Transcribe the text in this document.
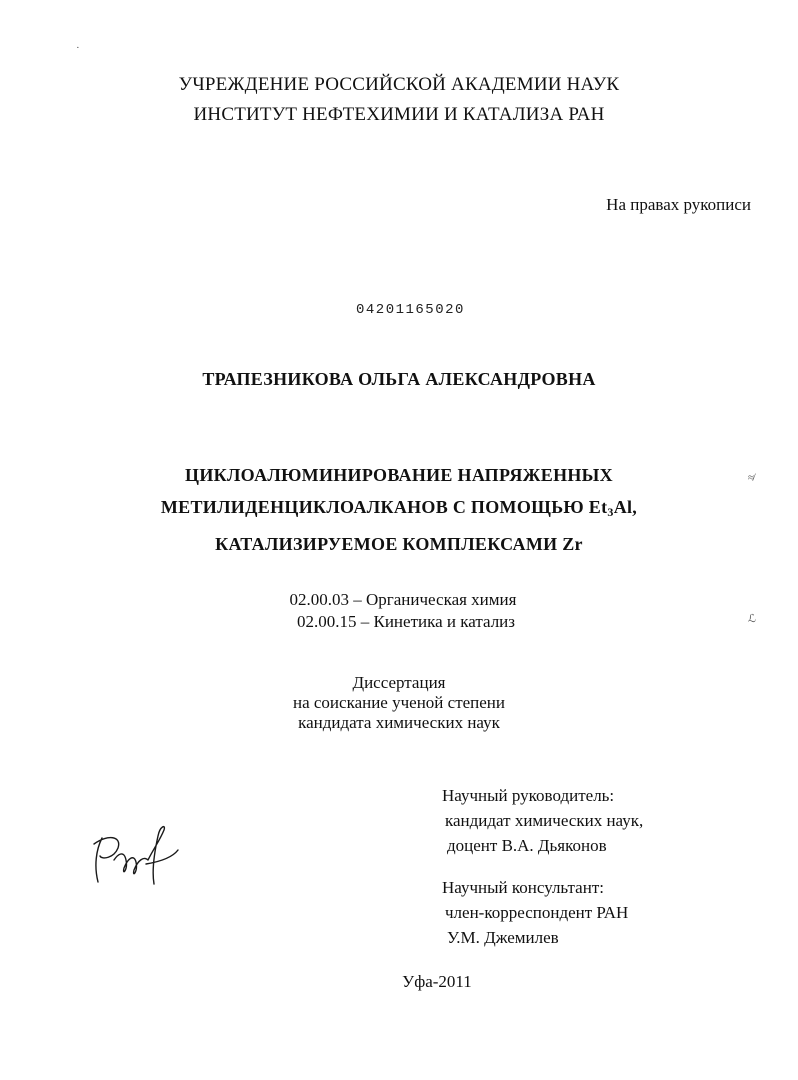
УЧРЕЖДЕНИЕ РОССИЙСКОЙ АКАДЕМИИ НАУК
ИНСТИТУТ НЕФТЕХИМИИ И КАТАЛИЗА РАН
На правах рукописи
04201165020
ТРАПЕЗНИКОВА ОЛЬГА АЛЕКСАНДРОВНА
ЦИКЛОАЛЮМИНИРОВАНИЕ НАПРЯЖЕННЫХ
МЕТИЛИДЕНЦИКЛОАЛКАНОВ С ПОМОЩЬЮ Et3Al,
КАТАЛИЗИРУЕМОЕ КОМПЛЕКСАМИ Zr
02.00.03 – Органическая химия
02.00.15 – Кинетика и катализ
Диссертация
на соискание ученой степени
кандидата химических наук
Научный руководитель:
кандидат химических наук,
доцент В.А. Дьяконов
Научный консультант:
член-корреспондент РАН
У.М. Джемилев
Уфа-2011
·
≉
ℒ
